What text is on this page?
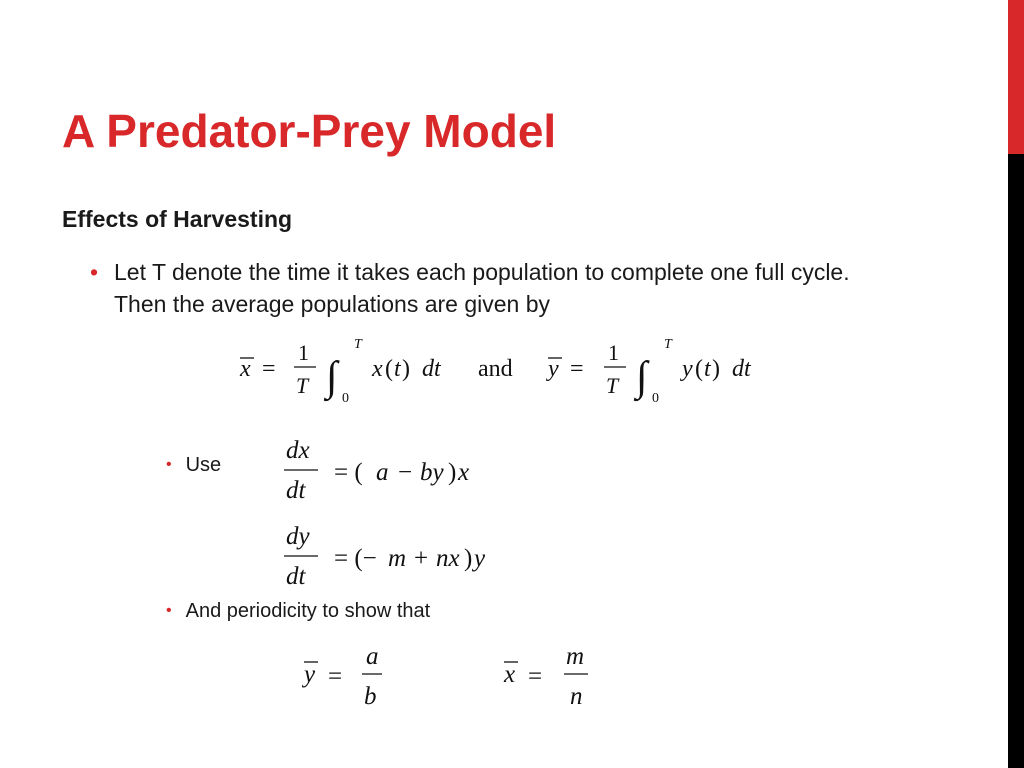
A Predator-Prey Model
Effects of Harvesting
• Let T denote the time it takes each population to complete one full cycle. Then the average populations are given by
x =
1
T ∫
T
0
x ( t ) dt and y =
1
T ∫
T
0
y ( t ) dt
• Use
dx
dt
= ( a − by ) x
dy
dt
= (− m + nx ) y
• And periodicity to show that
y =
a
b
x =
m
n
